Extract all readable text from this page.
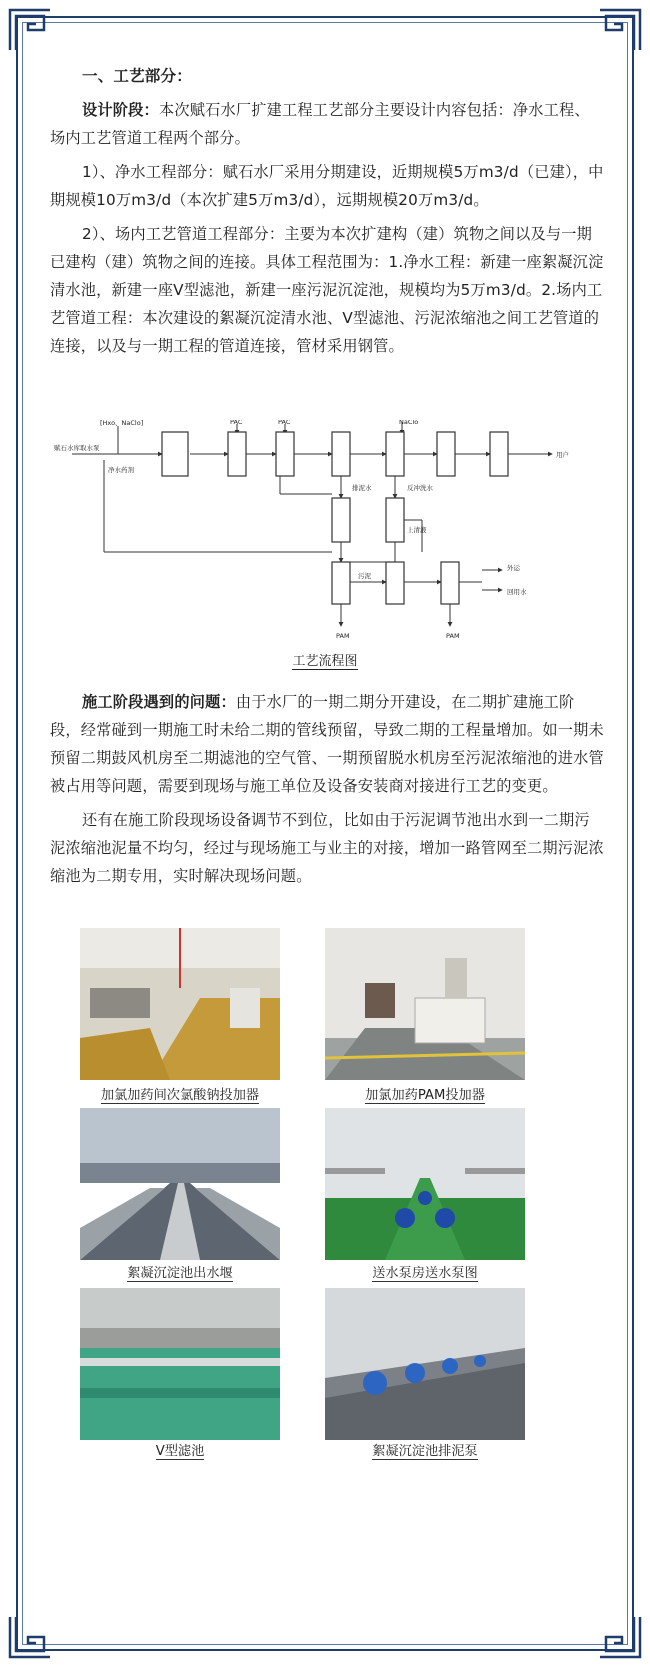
一、工艺部分：

设计阶段：本次赋石水厂扩建工程工艺部分主要设计内容包括：净水工程、场内工艺管道工程两个部分。

1）、净水工程部分：赋石水厂采用分期建设，近期规模5万m3/d（已建），中期规模10万m3/d（本次扩建5万m3/d），远期规模20万m3/d。

2）、场内工艺管道工程部分：主要为本次扩建构（建）筑物之间以及与一期已建构（建）筑物之间的连接。具体工程范围为：1.净水工程：新建一座絮凝沉淀清水池，新建一座V型滤池，新建一座污泥沉淀池，规模均为5万m3/d。2.场内工艺管道工程：本次建设的絮凝沉淀清水池、V型滤池、污泥浓缩池之间工艺管道的连接，以及与一期工程的管道连接，管材采用钢管。

赋石水库 取水泵
[Hxo、NaClo]
净水药剂
PAC	PAC	NaClo
用户
排泥水	反冲洗水
上清液
污泥
外运
回用水
PAM	PAM
工艺流程图

施工阶段遇到的问题：由于水厂的一期二期分开建设，在二期扩建施工阶段，经常碰到一期施工时未给二期的管线预留，导致二期的工程量增加。如一期未预留二期鼓风机房至二期滤池的空气管、一期预留脱水机房至污泥浓缩池的进水管被占用等问题，需要到现场与施工单位及设备安装商对接进行工艺的变更。

还有在施工阶段现场设备调节不到位，比如由于污泥调节池出水到一二期污泥浓缩池泥量不均匀，经过与现场施工与业主的对接，增加一路管网至二期污泥浓缩池为二期专用，实时解决现场问题。

加氯加药间次氯酸钠投加器	加氯加药PAM投加器
絮凝沉淀池出水堰	送水泵房送水泵图
V型滤池	絮凝沉淀池排泥泵
